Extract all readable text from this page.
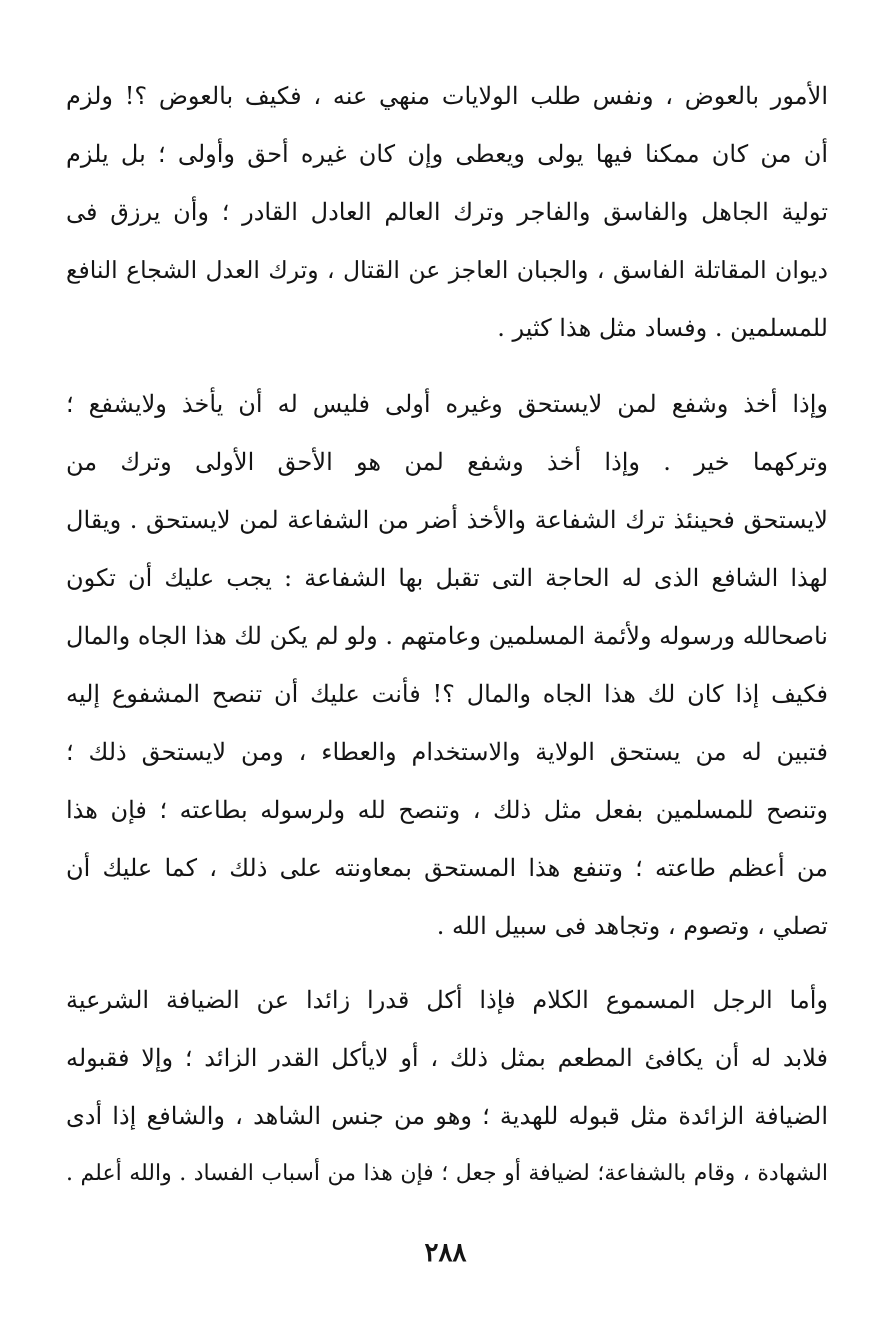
الأمور بالعوض ، ونفس طلب الولايات منهي عنه ، فكيف بالعوض ؟! ولزم
أن من كان ممكنا فيها يولى ويعطى وإن كان غيره أحق وأولى ؛ بل يلزم
تولية الجاهل والفاسق والفاجر وترك العالم العادل القادر ؛ وأن يرزق فى
ديوان المقاتلة الفاسق ، والجبان العاجز عن القتال ، وترك العدل الشجاع النافع
للمسلمين . وفساد مثل هذا كثير .
وإذا أخذ وشفع لمن لايستحق وغيره أولى فليس له أن يأخذ ولايشفع ؛
وتركهما خير . وإذا أخذ وشفع لمن هو الأحق الأولى وترك من
لايستحق فحينئذ ترك الشفاعة والأخذ أضر من الشفاعة لمن لايستحق . ويقال
لهذا الشافع الذى له الحاجة التى تقبل بها الشفاعة : يجب عليك أن تكون
ناصحالله ورسوله ولأئمة المسلمين وعامتهم . ولو لم يكن لك هذا الجاه والمال
فكيف إذا كان لك هذا الجاه والمال ؟! فأنت عليك أن تنصح المشفوع إليه
فتبين له من يستحق الولاية والاستخدام والعطاء ، ومن لايستحق ذلك ؛
وتنصح للمسلمين بفعل مثل ذلك ، وتنصح لله ولرسوله بطاعته ؛ فإن هذا
من أعظم طاعته ؛ وتنفع هذا المستحق بمعاونته على ذلك ، كما عليك أن
تصلي ، وتصوم ، وتجاهد فى سبيل الله .
وأما الرجل المسموع الكلام فإذا أكل قدرا زائدا عن الضيافة الشرعية
فلابد له أن يكافئ المطعم بمثل ذلك ، أو لايأكل القدر الزائد ؛ وإلا فقبوله
الضيافة الزائدة مثل قبوله للهدية ؛ وهو من جنس الشاهد ، والشافع إذا أدى
الشهادة ، وقام بالشفاعة؛ لضيافة أو جعل ؛ فإن هذا من أسباب الفساد . والله أعلم .
٢٨٨
